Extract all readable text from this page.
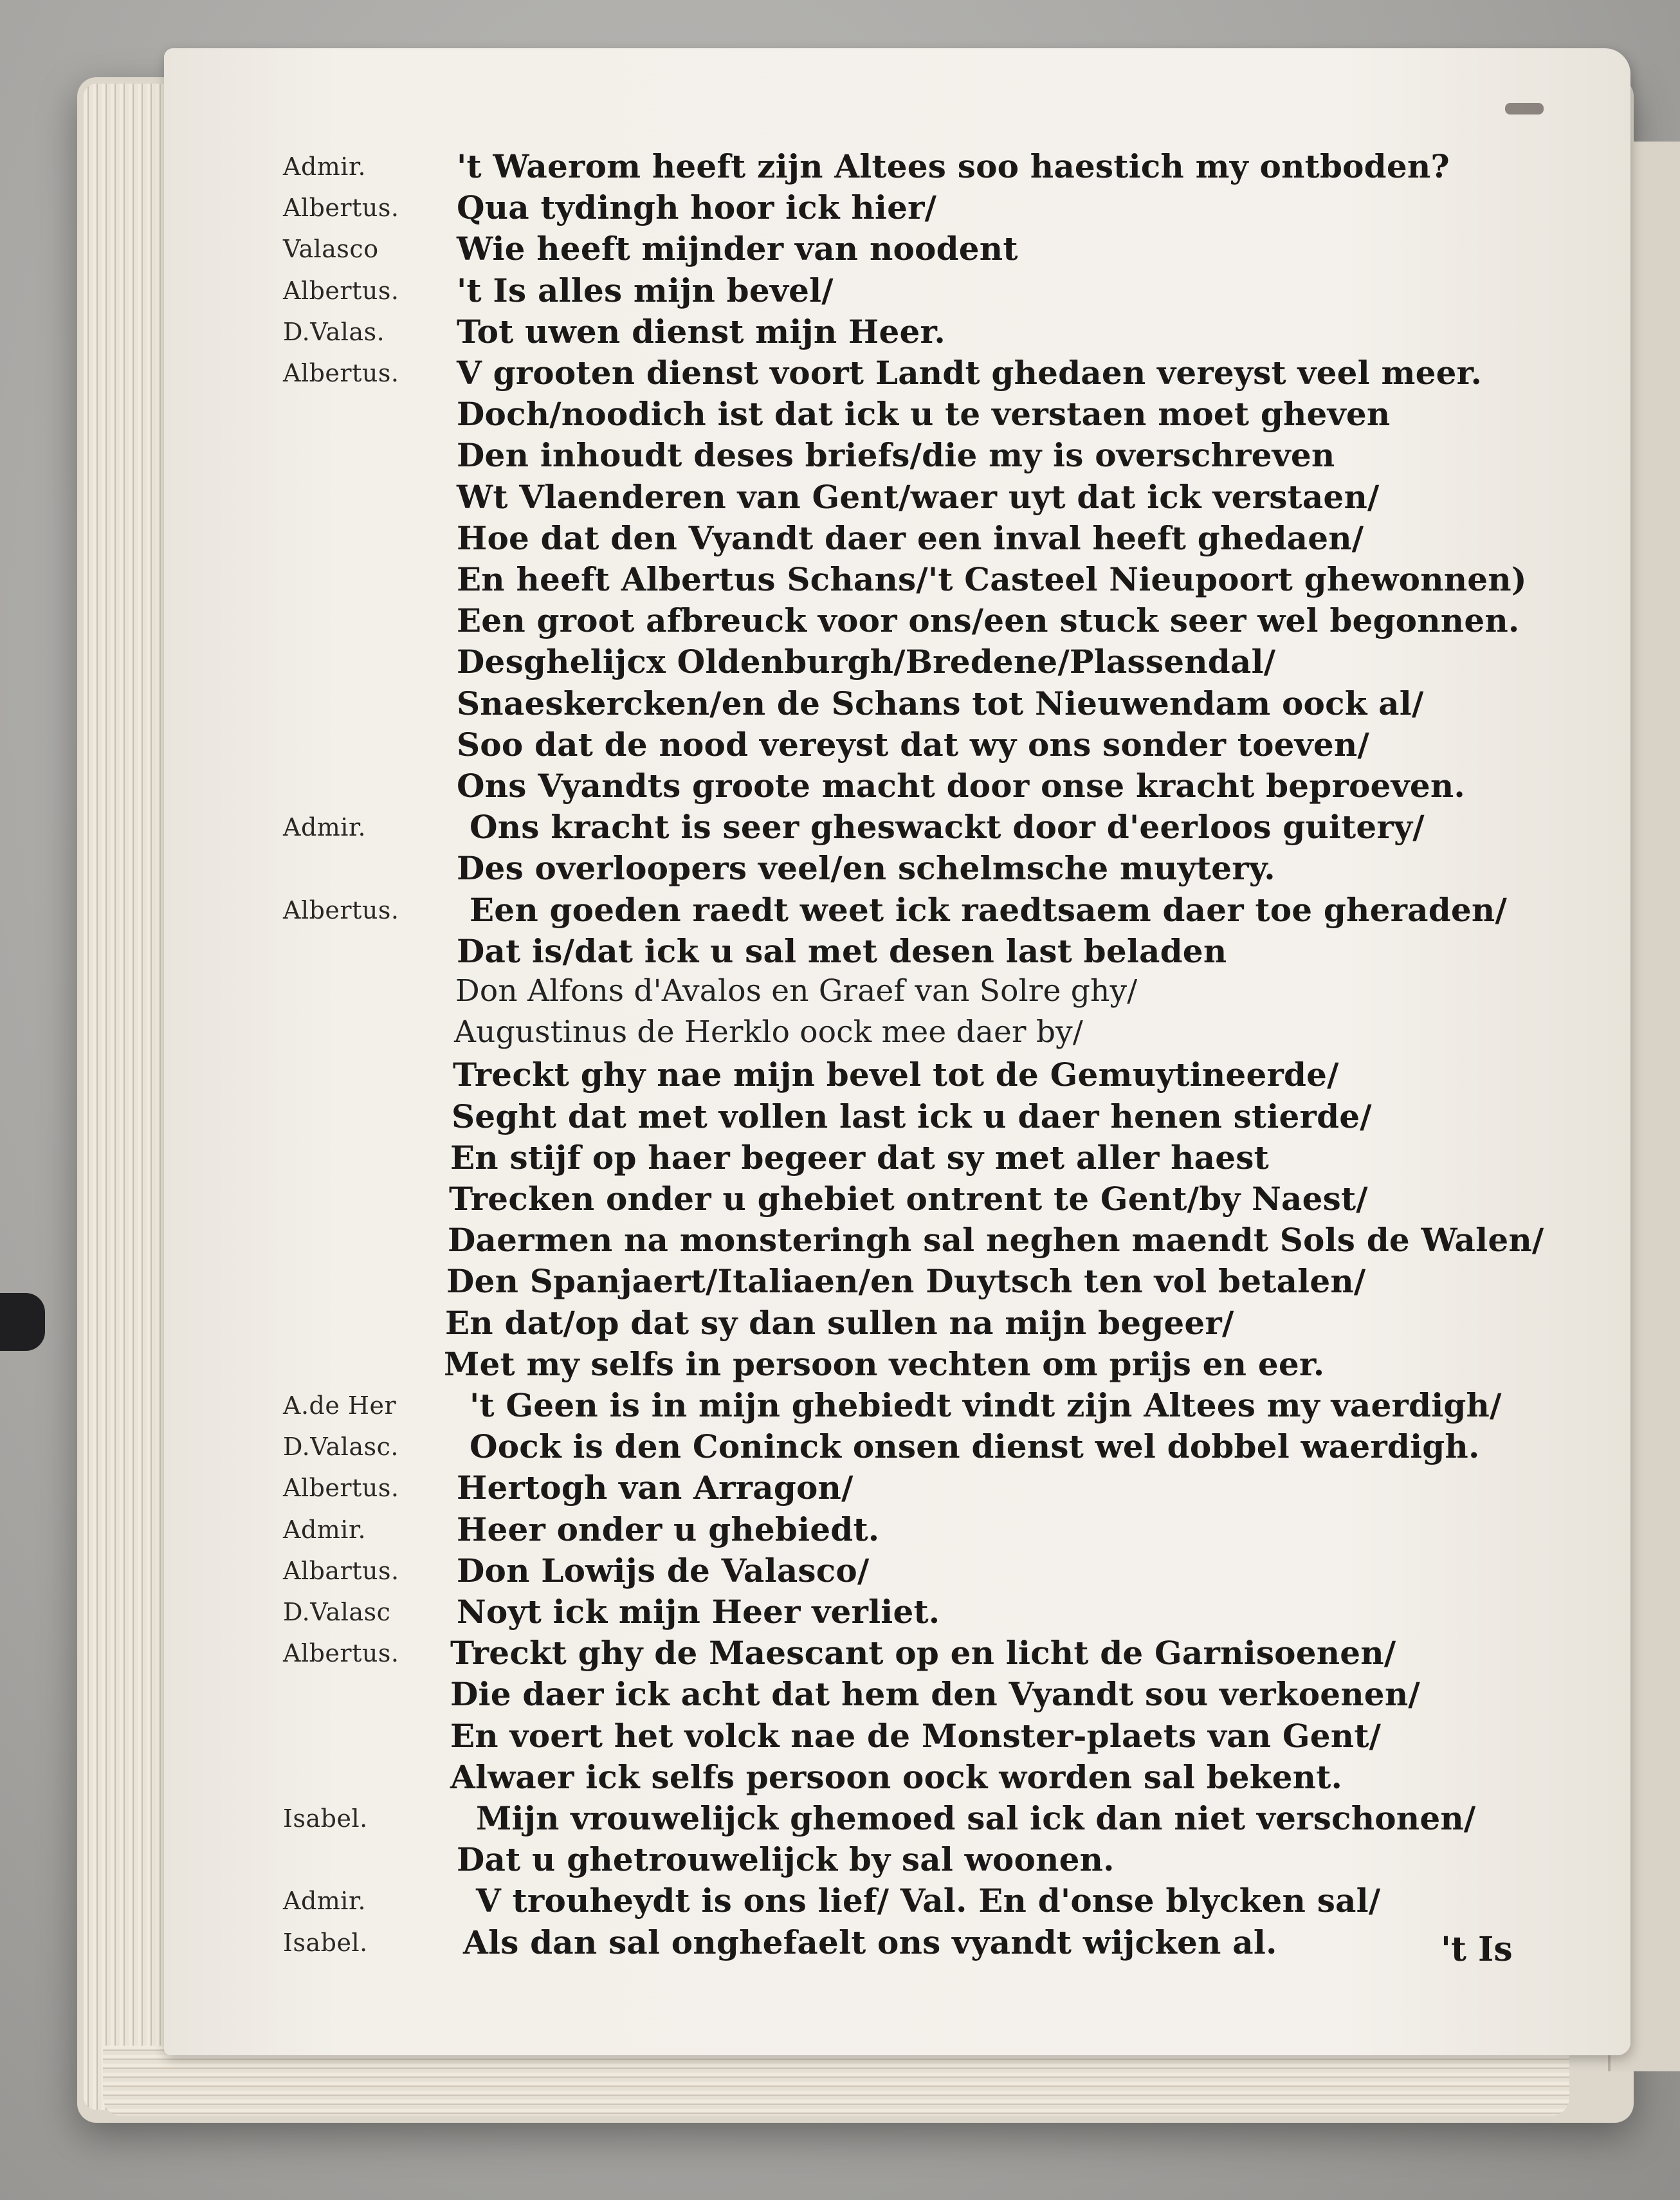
Admir.	't Waerom heeft zijn Altees soo haestich my ontboden?
Albertus. Qua tydingh hoor ick hier/
Valasco Wie heeft mijnder van noodent
Albertus. 't Is alles mijn bevel/
D.Valas. Tot uwen dienst mijn Heer.
Albertus. V grooten dienst voort Landt ghedaen vereyst veel meer.
Doch/noodich ist dat ick u te verstaen moet gheven
Den inhoudt deses briefs/die my is overschreven
Wt Vlaenderen van Gent/waer uyt dat ick verstaen/
Hoe dat den Vyandt daer een inval heeft ghedaen/
En heeft Albertus Schans/'t Casteel Nieupoort ghewonnen)
Een groot afbreuck voor ons/een stuck seer wel begonnen.
Desghelijcx Oldenburgh/Bredene/Plassendal/
Snaeskercken/en de Schans tot Nieuwendam oock al/
Soo dat de nood vereyst dat wy ons sonder toeven/
Ons Vyandts groote macht door onse kracht beproeven.
Admir.	Ons kracht is seer gheswackt door d'eerloos guitery/
Des overloopers veel/en schelmsche muytery.
Albertus. Een goeden raedt weet ick raedtsaem daer toe gheraden/
Dat is/dat ick u sal met desen last beladen
Don Alfons d'Avalos en Graef van Solre ghy/
Augustinus de Herklo oock mee daer by/
Treckt ghy nae mijn bevel tot de Gemuytineerde/
Seght dat met vollen last ick u daer henen stierde/
En stijf op haer begeer dat sy met aller haest
Trecken onder u ghebiet ontrent te Gent/by Naest/
Daermen na monsteringh sal neghen maendt Sols de Walen/
Den Spanjaert/Italiaen/en Duytsch ten vol betalen/
En dat/op dat sy dan sullen na mijn begeer/
Met my selfs in persoon vechten om prijs en eer.
A.de Her 't Geen is in mijn ghebiedt vindt zijn Altees my vaerdigh/
D.Valasc. Oock is den Coninck onsen dienst wel dobbel waerdigh.
Albertus. Hertogh van Arragon/
Admir.	Heer onder u ghebiedt.
Albartus. Don Lowijs de Valasco/
D.Valasc Noyt ick mijn Heer verliet.
Albertus. Treckt ghy de Maescant op en licht de Garnisoenen/
Die daer ick acht dat hem den Vyandt sou verkoenen/
En voert het volck nae de Monster-plaets van Gent/
Alwaer ick selfs persoon oock worden sal bekent.
Isabel.	Mijn vrouwelijck ghemoed sal ick dan niet verschonen/
Dat u ghetrouwelijck by sal woonen.
Admir.	V trouheydt is ons lief/ Val. En d'onse blycken sal/
Isabel.	Als dan sal onghefaelt ons vyandt wijcken al.	't Is
